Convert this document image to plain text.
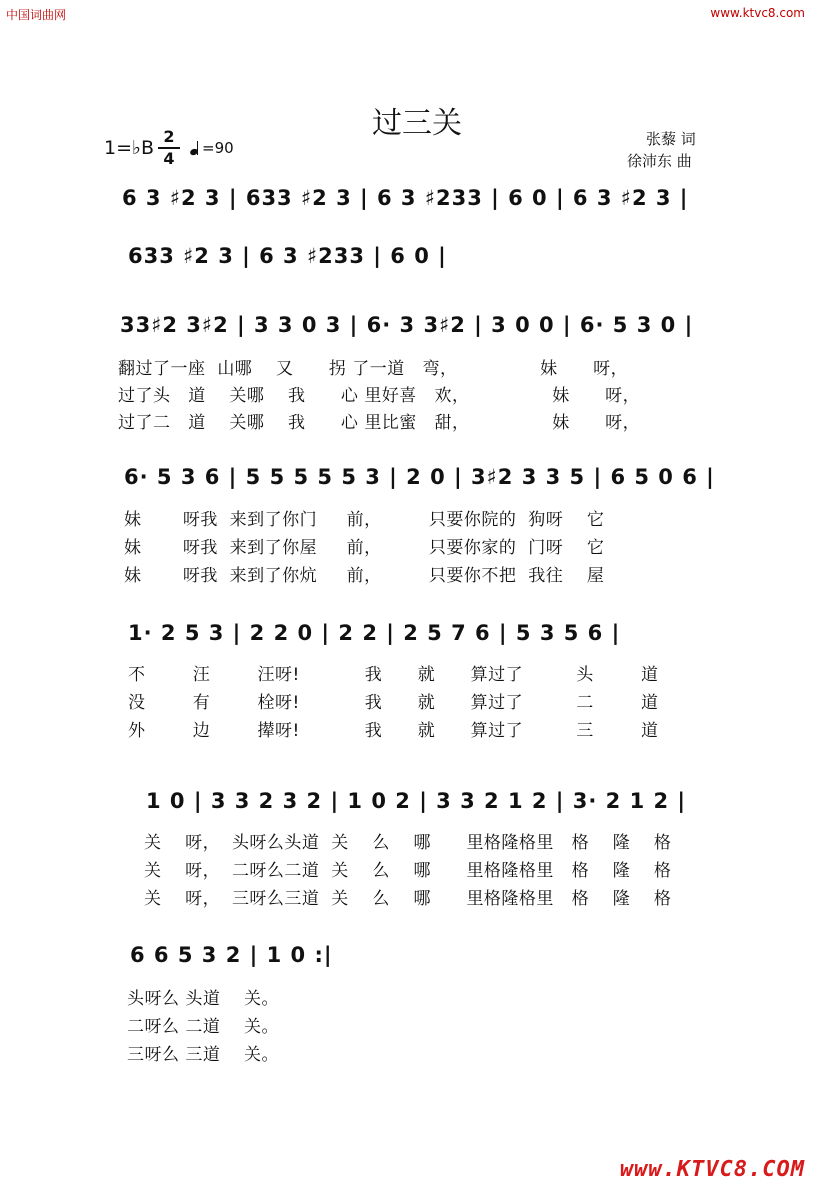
中国词曲网	www.ktvc8.com
过三关	张藜 词
徐沛东 曲
1=♭B
2
4
=90
6 3 ♯2 3 | 633 ♯2 3 | 6 3 ♯233 | 6 0 | 6 3 ♯2 3 |
633 ♯2 3 | 6 3 ♯233 | 6 0 |
33♯2 3♯2 | 3 3 0 3 | 6· 3 3♯2 | 3 0 0 | 6· 5 3 0 |
翻过了一座 山哪 又 拐 了一道 弯，	妹 呀，
过了头 道 关哪 我 心 里好喜 欢，	妹 呀，
过了二 道 关哪 我 心 里比蜜 甜，	妹 呀，
6· 5 3 6 | 5 5 5 5 5 3 | 2 0 | 3♯2 3 3 5 | 6 5 0 6 |
妹 呀我 来到了你门 前，	只要你院的 狗呀 它
妹 呀我 来到了你屋 前，	只要你家的 门呀 它
妹 呀我 来到了你炕 前，	只要你不把 我往 屋
1· 2 5 3 | 2 2 0 | 2 2 | 2 5 7 6 | 5 3 5 6 |
不	汪	汪呀!	我 就 算过了	头	道
没	有	栓呀!	我 就 算过了	二	道
外	边	撵呀!	我 就 算过了	三	道
1 0 | 3 3 2 3 2 | 1 0 2 | 3 3 2 1 2 | 3· 2 1 2 |
关 呀， 头呀么头道 关 么 哪 里格隆格里 格 隆 格
关 呀， 二呀么二道 关 么 哪 里格隆格里 格 隆 格
关 呀， 三呀么三道 关 么 哪 里格隆格里 格 隆 格
6 6 5 3 2 | 1 0 :|
头呀么 头道 关。
二呀么 二道 关。
三呀么 三道 关。
www.KTVC8.COM
